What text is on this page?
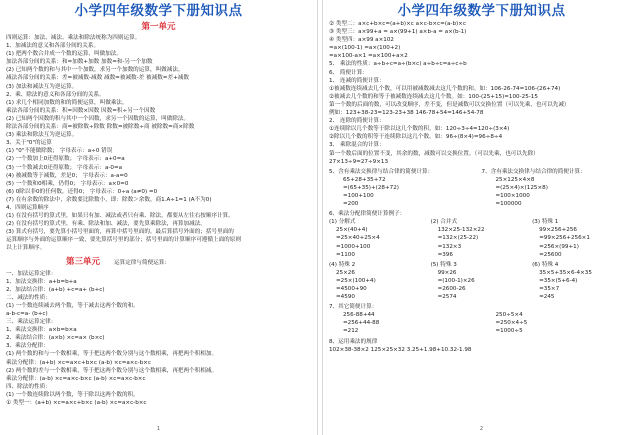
小学四年级数学下册知识点
第一单元
四则运算：加法、减法、乘法和除法统称为四则运算。
1、加减法的意义和各部分间的关系。
(1) 把两个数合并成一个数的运算，叫做加法。
加法各部分间的关系：和=加数+加数 加数=和-另一个加数
(2) 已知两个数的和与其中一个加数，求另一个加数的运算，叫做减法。
减法各部分间的关系：差=被减数-减数 减数=被减数-差 被减数=差+减数
(3) 加法和减法互为逆运算。
2、乘、除法的意义和各部分间的关系。
(1) 求几个相同加数的和的简便运算，叫做乘法。
乘法各部分间的关系：积=因数×因数 因数=积÷另一个因数
(2) 已知两个因数的积与其中一个因数，求另一个因数的运算，叫做除法。
除法各部分间的关系：商=被除数÷除数 除数=被除数÷商 被除数=商×除数
(3) 乘法和除法互为逆运算。
3、关于"0"的运算
(1) "0"不能做除数； 字母表示：a÷0 错误
(2) 一个数加上0还得原数； 字母表示：a+0=a
(3) 一个数减去0还得原数； 字母表示：a-0=a
(4) 被减数等于减数，差是0； 字母表示：a-a=0
(5) 一个数和0相乘，仍得0； 字母表示：a×0=0
(6) 0除以非0的任何数，还得0； 字母表示：0÷a (a≠0) =0
(7) 在有余数的除法中，余数要比除数小，即：除数＞余数，商1.A÷1=1 (A不为0)
4、四则运算顺序
(1) 在没有括号的算式里，如果只有加、减法或者只有乘、除法，都要从左往右按顺序计算。
(2) 在没有括号的算式里，有乘、除法和加、减法，要先算乘除法，再算加减法。
(3) 算式有括号，要先算小括号里面的，再算中括号里面的，最后算括号外面的；括号里面的
运算顺序与外面的运算顺序一致，要先算括号里的部分；括号里面的计算顺序可遵循上面的原则
以上计算顺序。
第三单元	运算定律与简便运算：
一、加法运算定律：
1、加法交换律：a+b=b+a
2、加法结合律：(a+b) +c=a+ (b+c)
二、减法的性质：
(1) 一个数连续减去两个数，等于减去这两个数的和。
a-b-c=a- (b+c)
三、乘法运算定律：
1、乘法交换律：a×b=b×a
2、乘法结合律：(a×b) ×c=a× (b×c)
3、乘法分配律：
(1) 两个数的和与一个数相乘，等于把这两个数分别与这个数相乘，再把两个积相加。
乘法分配律：(a+b) ×c=a×c+b×c (a-b) ×c=a×c-b×c
(2) 两个数的差与一个数相乘，等于把这两个数分别与这个数相乘，再把两个积相减。
乘法分配律：(a-b) ×c=a×c-b×c (a-b) ×c=a×c-b×c
四、除法的性质：
(1) 一个数连续除以两个数，等于除以这两个数的积。
① 类型一：(a+b) ×c=a×c+b×c (a-b) ×c=a×c-b×c
1
小学四年级数学下册知识点
② 类型二：a×c+b×c=(a+b)×c a×c-b×c=(a-b)×c
③ 类型三：a×99+a = a×(99+1) a×b-a = a×(b-1)
④ 类型四：a×99 a×102
=a×(100-1) =a×(100+2)
=a×100-a×1 =a×100+a×2
5、 乘法的性质：a÷b÷c=a÷(b×c) a÷b÷c=a÷c÷b
6、 简便计算：
1、 连减的简便计算：
①被减数连续减去几个数，可以用被减数减去这几个数的和。如：106-26-74=106-(26+74)
②被减去几个数的和等于被减数连续减去这几个数。如：100-(25+15)=100-25-15
第一个数的后面的数，可以改变顺序，差不变，但是减数可以交换位置（可以先乘，也可以先减）
例如：123+38-23=123-23+38 146-78+54=146+54-78
2、 连除的简便计算：
①连续除以几个数等于除以这几个数的积。如：120÷3÷4=120÷(3×4)
②除以几个数的积等于连续除以这几个数。如：96÷(8×4)=96÷8÷4
3、 乘除混合的计算：
第一个数后面的位置不变，其余的数，减数可以交换位置。（可以先乘，也可以先除）
27×13÷9=27÷9×13
5、含有乘法交换律与结合律的简便计算：
65+28+35+72
=(65+35)+(28+72)
=100+100
=200
7、含有乘法交换律与结合律的简便计算：
25×125×4×8
=(25×4)×(125×8)
=100×1000
=100000
6、乘法分配律简便计算例子：
(1) 分解式
25×(40+4)
=25×40+25×4
=1000+100
=1100
(2) 合并式
132×25-132×22
=132×(25-22)
=132×3
=396
(3) 特殊 1
99×256+256
=99×256+256×1
=256×(99+1)
=25600
(4) 特殊 2
25×26
=25×(100+4)
=4500+90
=4590
(5) 特殊 3
99×26
=(100-1)×26
=2600-26
=2574
(6) 特殊 4
35×5+35×6-4×35
=35×(5+6-4)
=35×7
=245
7、其它简便计算：
256-88+44
=256+44-88
=212
250÷5×4
=250×4÷5
=1000÷5
8、运用乘法的规律
102×38-38×2 125×25×32 3.25+1.98+10.32-1.98
2
